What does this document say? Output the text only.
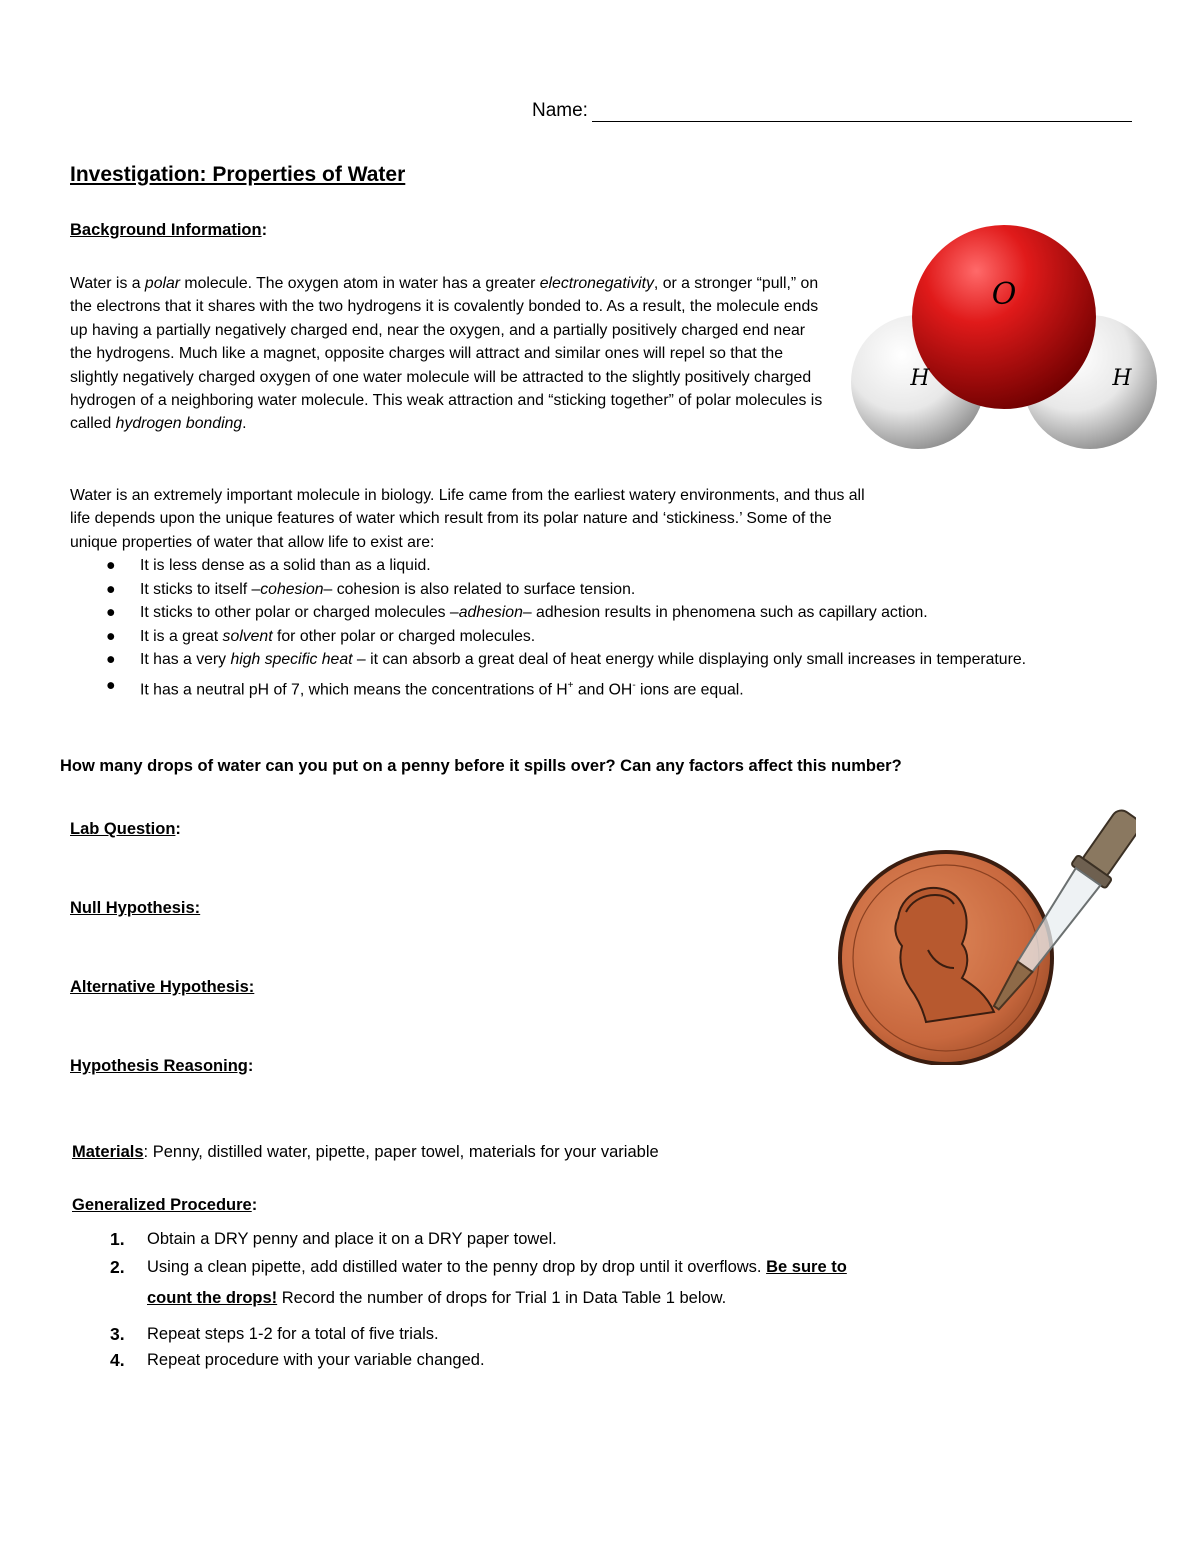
Name:
Investigation: Properties of Water
Background Information:
Water is a polar molecule. The oxygen atom in water has a greater electronegativity, or a stronger “pull,” on the electrons that it shares with the two hydrogens it is covalently bonded to. As a result, the molecule ends up having a partially negatively charged end, near the oxygen, and a partially positively charged end near the hydrogens. Much like a magnet, opposite charges will attract and similar ones will repel so that the slightly negatively charged oxygen of one water molecule will be attracted to the slightly positively charged hydrogen of a neighboring water molecule. This weak attraction and “sticking together” of polar molecules is called hydrogen bonding.
Water is an extremely important molecule in biology. Life came from the earliest watery environments, and thus all life depends upon the unique features of water which result from its polar nature and ‘stickiness.’ Some of the unique properties of water that allow life to exist are:
● It is less dense as a solid than as a liquid.
● It sticks to itself –cohesion– cohesion is also related to surface tension.
● It sticks to other polar or charged molecules –adhesion– adhesion results in phenomena such as capillary action.
● It is a great solvent for other polar or charged molecules.
● It has a very high specific heat – it can absorb a great deal of heat energy while displaying only small increases in temperature.
● It has a neutral pH of 7, which means the concentrations of H+ and OH- ions are equal.
How many drops of water can you put on a penny before it spills over? Can any factors affect this number?
Lab Question:
Null Hypothesis:
Alternative Hypothesis:
Hypothesis Reasoning:
Materials: Penny, distilled water, pipette, paper towel, materials for your variable
Generalized Procedure:
1. Obtain a DRY penny and place it on a DRY paper towel.
2. Using a clean pipette, add distilled water to the penny drop by drop until it overflows. Be sure to count the drops! Record the number of drops for Trial 1 in Data Table 1 below.
3. Repeat steps 1-2 for a total of five trials.
4. Repeat procedure with your variable changed.
O
H	H
